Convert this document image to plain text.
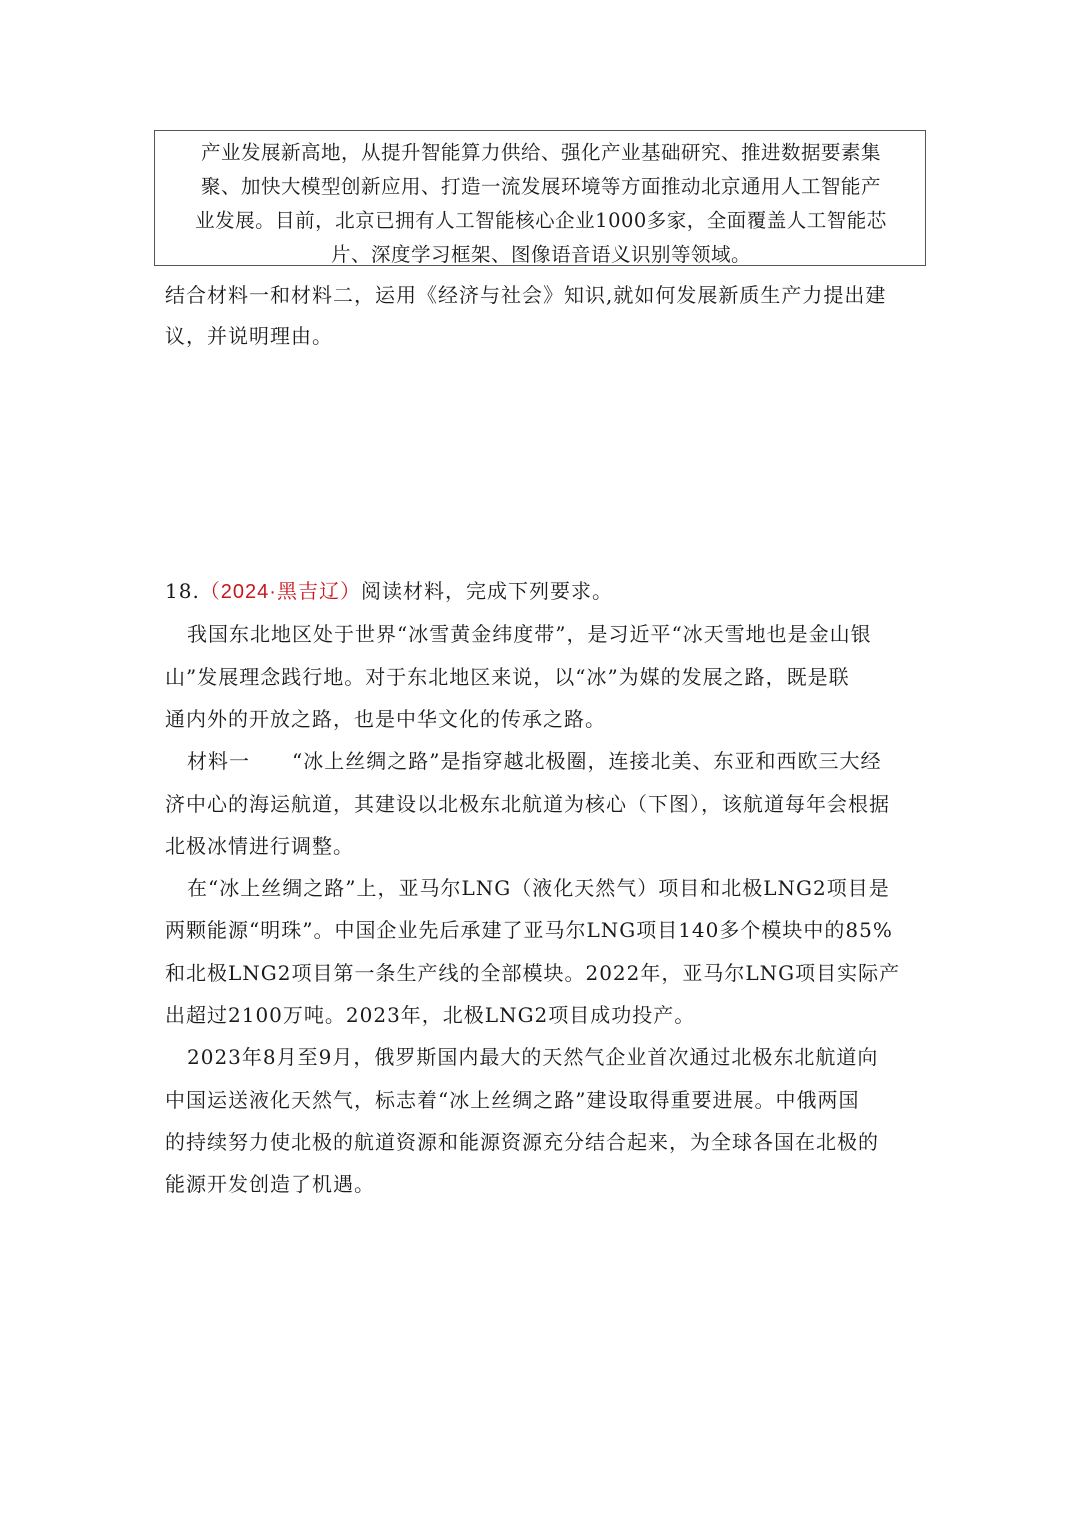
产业发展新高地，从提升智能算力供给、强化产业基础研究、推进数据要素集
聚、加快大模型创新应用、打造一流发展环境等方面推动北京通用人工智能产
业发展。目前，北京已拥有人工智能核心企业1000多家，全面覆盖人工智能芯
片、深度学习框架、图像语音语义识别等领域。
结合材料一和材料二，运用《经济与社会》知识,就如何发展新质生产力提出建
议，并说明理由。
18.（2024·黑吉辽）阅读材料，完成下列要求。
我国东北地区处于世界“冰雪黄金纬度带”，是习近平“冰天雪地也是金山银
山”发展理念践行地。对于东北地区来说，以“冰”为媒的发展之路，既是联
通内外的开放之路，也是中华文化的传承之路。
材料一　　“冰上丝绸之路”是指穿越北极圈，连接北美、东亚和西欧三大经
济中心的海运航道，其建设以北极东北航道为核心（下图），该航道每年会根据
北极冰情进行调整。
在“冰上丝绸之路”上，亚马尔LNG（液化天然气）项目和北极LNG2项目是
两颗能源“明珠”。中国企业先后承建了亚马尔LNG项目140多个模块中的85%
和北极LNG2项目第一条生产线的全部模块。2022年，亚马尔LNG项目实际产
出超过2100万吨。2023年，北极LNG2项目成功投产。
2023年8月至9月，俄罗斯国内最大的天然气企业首次通过北极东北航道向
中国运送液化天然气，标志着“冰上丝绸之路”建设取得重要进展。中俄两国
的持续努力使北极的航道资源和能源资源充分结合起来，为全球各国在北极的
能源开发创造了机遇。
